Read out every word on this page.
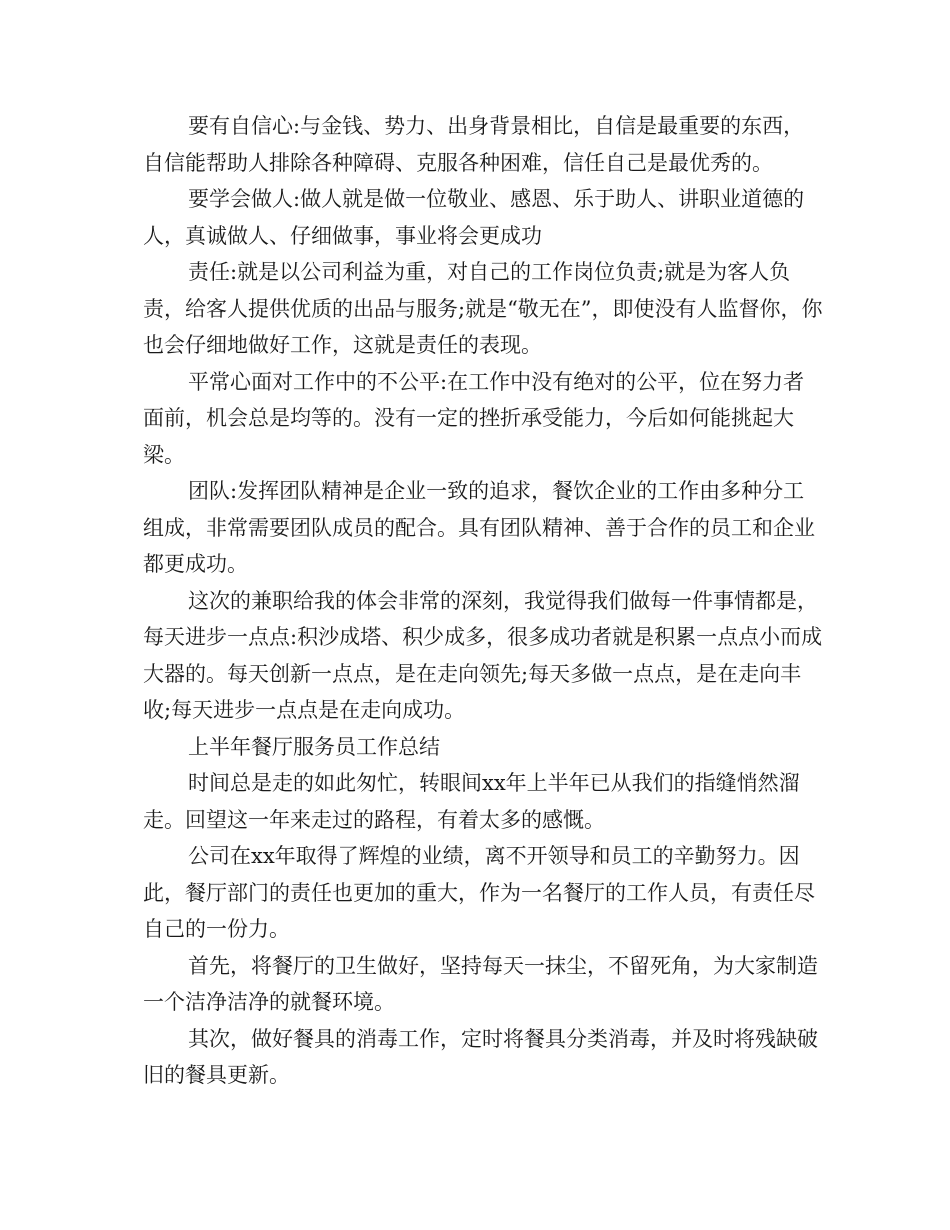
要有自信心:与金钱、势力、出身背景相比，自信是最重要的东西，自信能帮助人排除各种障碍、克服各种困难，信任自己是最优秀的。

要学会做人:做人就是做一位敬业、感恩、乐于助人、讲职业道德的人，真诚做人、仔细做事，事业将会更成功

责任:就是以公司利益为重，对自己的工作岗位负责;就是为客人负责，给客人提供优质的出品与服务;就是“敬无在”，即使没有人监督你，你也会仔细地做好工作，这就是责任的表现。

平常心面对工作中的不公平:在工作中没有绝对的公平，位在努力者面前，机会总是均等的。没有一定的挫折承受能力，今后如何能挑起大梁。

团队:发挥团队精神是企业一致的追求，餐饮企业的工作由多种分工组成，非常需要团队成员的配合。具有团队精神、善于合作的员工和企业都更成功。

这次的兼职给我的体会非常的深刻，我觉得我们做每一件事情都是，每天进步一点点:积沙成塔、积少成多，很多成功者就是积累一点点小而成大器的。每天创新一点点，是在走向领先;每天多做一点点，是在走向丰收;每天进步一点点是在走向成功。

上半年餐厅服务员工作总结

时间总是走的如此匆忙，转眼间xx年上半年已从我们的指缝悄然溜走。回望这一年来走过的路程，有着太多的感慨。

公司在xx年取得了辉煌的业绩，离不开领导和员工的辛勤努力。因此，餐厅部门的责任也更加的重大，作为一名餐厅的工作人员，有责任尽自己的一份力。

首先，将餐厅的卫生做好，坚持每天一抹尘，不留死角，为大家制造一个洁净洁净的就餐环境。

其次，做好餐具的消毒工作，定时将餐具分类消毒，并及时将残缺破旧的餐具更新。
